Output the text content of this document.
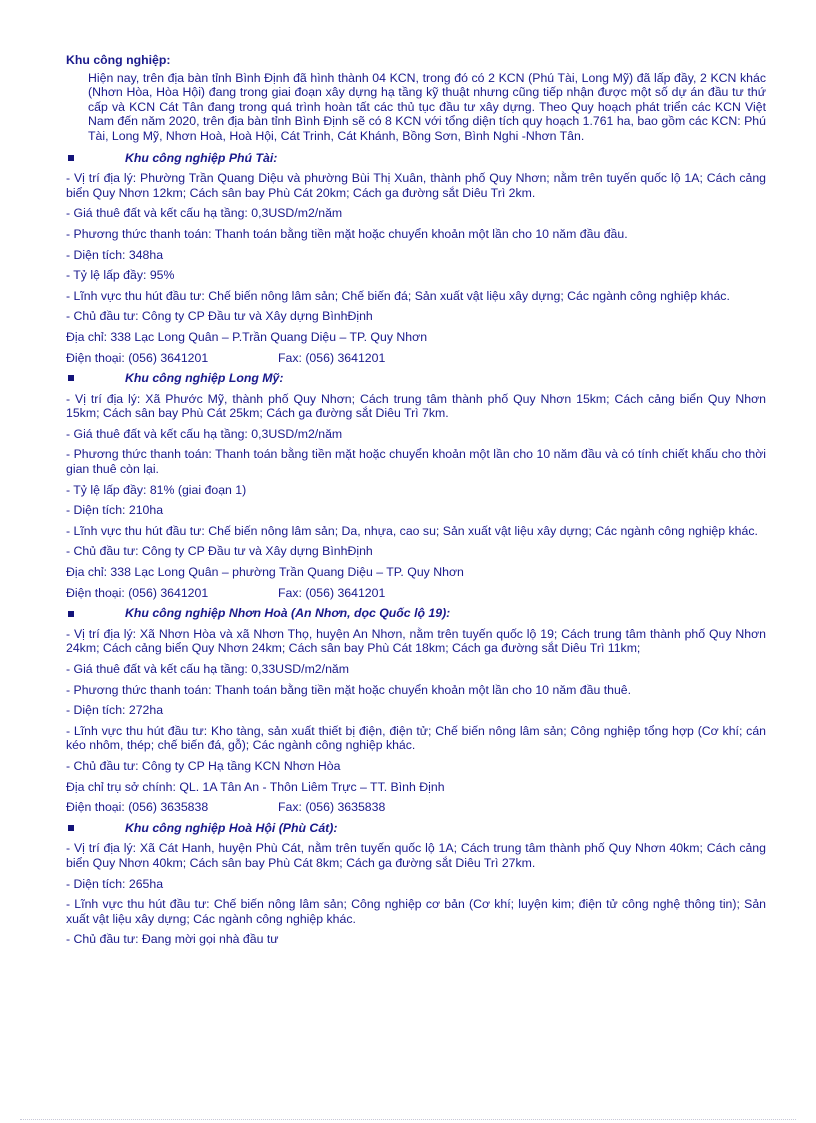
Khu công nghiệp:
Hiện nay, trên địa bàn tỉnh Bình Định đã hình thành 04 KCN, trong đó có 2 KCN (Phú Tài, Long Mỹ) đã lấp đầy, 2 KCN khác (Nhơn Hòa, Hòa Hội) đang trong giai đoạn xây dựng hạ tầng kỹ thuật nhưng cũng tiếp nhận được một số dự án đầu tư thứ cấp và KCN Cát Tân đang trong quá trình hoàn tất các thủ tục đầu tư xây dựng. Theo Quy hoạch phát triển các KCN Việt Nam đến năm 2020, trên địa bàn tỉnh Bình Định sẽ có 8 KCN với tổng diện tích quy hoạch 1.761 ha, bao gồm các KCN: Phú Tài, Long Mỹ, Nhơn Hoà, Hoà Hội, Cát Trinh, Cát Khánh, Bồng Sơn, Bình Nghi -Nhơn Tân.
Khu công nghiệp Phú Tài:
- Vị trí địa lý: Phường Trần Quang Diệu và phường Bùi Thị Xuân, thành phố Quy Nhơn; nằm trên tuyến quốc lộ 1A; Cách cảng biển Quy Nhơn 12km; Cách sân bay Phù Cát 20km; Cách ga đường sắt Diêu Trì 2km.
- Giá thuê đất và kết cấu hạ tầng: 0,3USD/m2/năm
- Phương thức thanh toán: Thanh toán bằng tiền mặt hoặc chuyển khoản một lần cho 10 năm đầu đầu.
- Diện tích: 348ha
- Tỷ lệ lấp đầy: 95%
- Lĩnh vực thu hút đầu tư: Chế biến nông lâm sản; Chế biến đá; Sản xuất vật liệu xây dựng; Các ngành công nghiệp khác.
- Chủ đầu tư: Công ty CP Đầu tư và Xây dựng BìnhĐịnh
Địa chỉ: 338 Lạc Long Quân – P.Trần Quang Diệu – TP. Quy Nhơn
Điện thoại: (056) 3641201	Fax: (056) 3641201
Khu công nghiệp Long Mỹ:
- Vị trí địa lý: Xã Phước Mỹ, thành phố Quy Nhơn; Cách trung tâm thành phố Quy Nhơn 15km; Cách cảng biển Quy Nhơn 15km; Cách sân bay Phù Cát 25km; Cách ga đường sắt Diêu Trì 7km.
- Giá thuê đất và kết cấu hạ tầng: 0,3USD/m2/năm
- Phương thức thanh toán: Thanh toán bằng tiền mặt hoặc chuyển khoản một lần cho 10 năm đầu và có tính chiết khấu cho thời gian thuê còn lại.
- Tỷ lệ lấp đầy: 81% (giai đoạn 1)
- Diện tích: 210ha
- Lĩnh vực thu hút đầu tư: Chế biến nông lâm sản; Da, nhựa, cao su; Sản xuất vật liệu xây dựng; Các ngành công nghiệp khác.
- Chủ đầu tư: Công ty CP Đầu tư và Xây dựng BìnhĐịnh
Địa chỉ: 338 Lạc Long Quân – phường Trần Quang Diệu – TP. Quy Nhơn
Điện thoại: (056) 3641201	Fax: (056) 3641201
Khu công nghiệp Nhơn Hoà (An Nhơn, dọc Quốc lộ 19):
- Vị trí địa lý: Xã Nhơn Hòa và xã Nhơn Thọ, huyện An Nhơn, nằm trên tuyến quốc lộ 19; Cách trung tâm thành phố Quy Nhơn 24km; Cách cảng biển Quy Nhơn 24km; Cách sân bay Phù Cát 18km; Cách ga đường sắt Diêu Trì 11km;
- Giá thuê đất và kết cấu hạ tầng: 0,33USD/m2/năm
- Phương thức thanh toán: Thanh toán bằng tiền mặt hoặc chuyển khoản một lần cho 10 năm đầu thuê.
- Diện tích: 272ha
- Lĩnh vực thu hút đầu tư: Kho tàng, sản xuất thiết bị điện, điện tử; Chế biến nông lâm sản; Công nghiệp tổng hợp (Cơ khí; cán kéo nhôm, thép; chế biến đá, gỗ); Các ngành công nghiệp khác.
- Chủ đầu tư: Công ty CP Hạ tầng KCN Nhơn Hòa
Địa chỉ trụ sở chính: QL. 1A Tân An - Thôn Liêm Trực – TT. Bình Định
Điện thoại: (056) 3635838	Fax: (056) 3635838
Khu công nghiệp Hoà Hội (Phù Cát):
- Vị trí địa lý: Xã Cát Hanh, huyện Phù Cát, nằm trên tuyến quốc lộ 1A; Cách trung tâm thành phố Quy Nhơn 40km; Cách cảng biển Quy Nhơn 40km; Cách sân bay Phù Cát 8km; Cách ga đường sắt Diêu Trì 27km.
- Diện tích: 265ha
- Lĩnh vực thu hút đầu tư: Chế biến nông lâm sản; Công nghiệp cơ bản (Cơ khí; luyện kim; điện tử công nghệ thông tin); Sản xuất vật liệu xây dựng; Các ngành công nghiệp khác.
- Chủ đầu tư: Đang mời gọi nhà đầu tư
